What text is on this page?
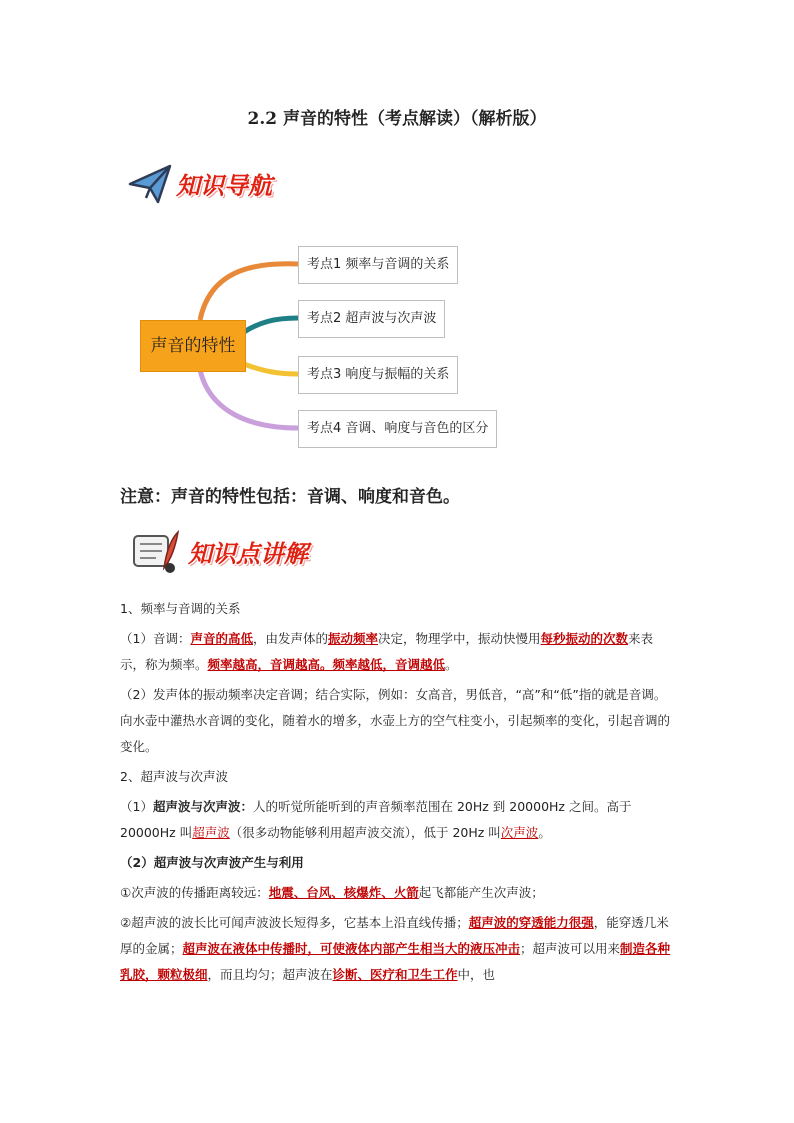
2.2 声音的特性（考点解读）（解析版）
知识导航
声音的特性
考点1 频率与音调的关系
考点2 超声波与次声波
考点3 响度与振幅的关系
考点4 音调、响度与音色的区分
注意：声音的特性包括：音调、响度和音色。
知识点讲解

1、频率与音调的关系

（1）音调：声音的高低，由发声体的振动频率决定，物理学中，振动快慢用每秒振动的次数来表示，称为频率。频率越高，音调越高。频率越低，音调越低。

（2）发声体的振动频率决定音调；结合实际，例如：女高音，男低音，“高”和“低”指的就是音调。向水壶中灌热水音调的变化，随着水的增多，水壶上方的空气柱变小，引起频率的变化，引起音调的变化。

2、超声波与次声波

（1）超声波与次声波：人的听觉所能听到的声音频率范围在 20Hz 到 20000Hz 之间。高于 20000Hz 叫超声波（很多动物能够利用超声波交流），低于 20Hz 叫次声波。

（2）超声波与次声波产生与利用

①次声波的传播距离较远：地震、台风、核爆炸、火箭起飞都能产生次声波；

②超声波的波长比可闻声波波长短得多，它基本上沿直线传播；超声波的穿透能力很强，能穿透几米厚的金属；超声波在液体中传播时，可使液体内部产生相当大的液压冲击；超声波可以用来制造各种乳胶，颗粒极细，而且均匀；超声波在诊断、医疗和卫生工作中，也
